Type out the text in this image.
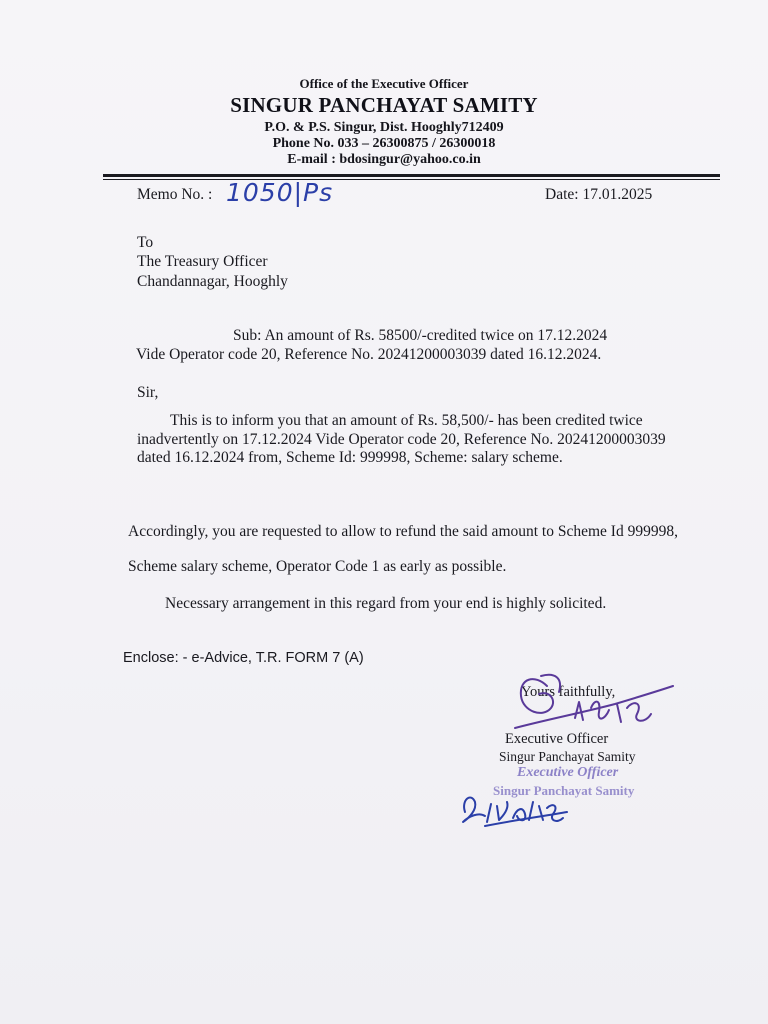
Office of the Executive Officer
SINGUR PANCHAYAT SAMITY
P.O. & P.S. Singur, Dist. Hooghly712409
Phone No. 033 – 26300875 / 26300018
E-mail : bdosingur@yahoo.co.in
Memo No. : 1050|Ps	Date: 17.01.2025
To
The Treasury Officer
Chandannagar, Hooghly
Sub: An amount of Rs. 58500/-credited twice on 17.12.2024
Vide Operator code 20, Reference No. 20241200003039 dated 16.12.2024.
Sir,
This is to inform you that an amount of Rs. 58,500/- has been credited twice inadvertently on 17.12.2024 Vide Operator code 20, Reference No. 20241200003039 dated 16.12.2024 from, Scheme Id: 999998, Scheme: salary scheme.
Accordingly, you are requested to allow to refund the said amount to Scheme Id 999998, Scheme salary scheme, Operator Code 1 as early as possible.
Necessary arrangement in this regard from your end is highly solicited.
Enclose: - e-Advice, T.R. FORM 7 (A)
Yours faithfully,
Executive Officer
Singur Panchayat Samity
Executive Officer
Singur Panchayat Samity
